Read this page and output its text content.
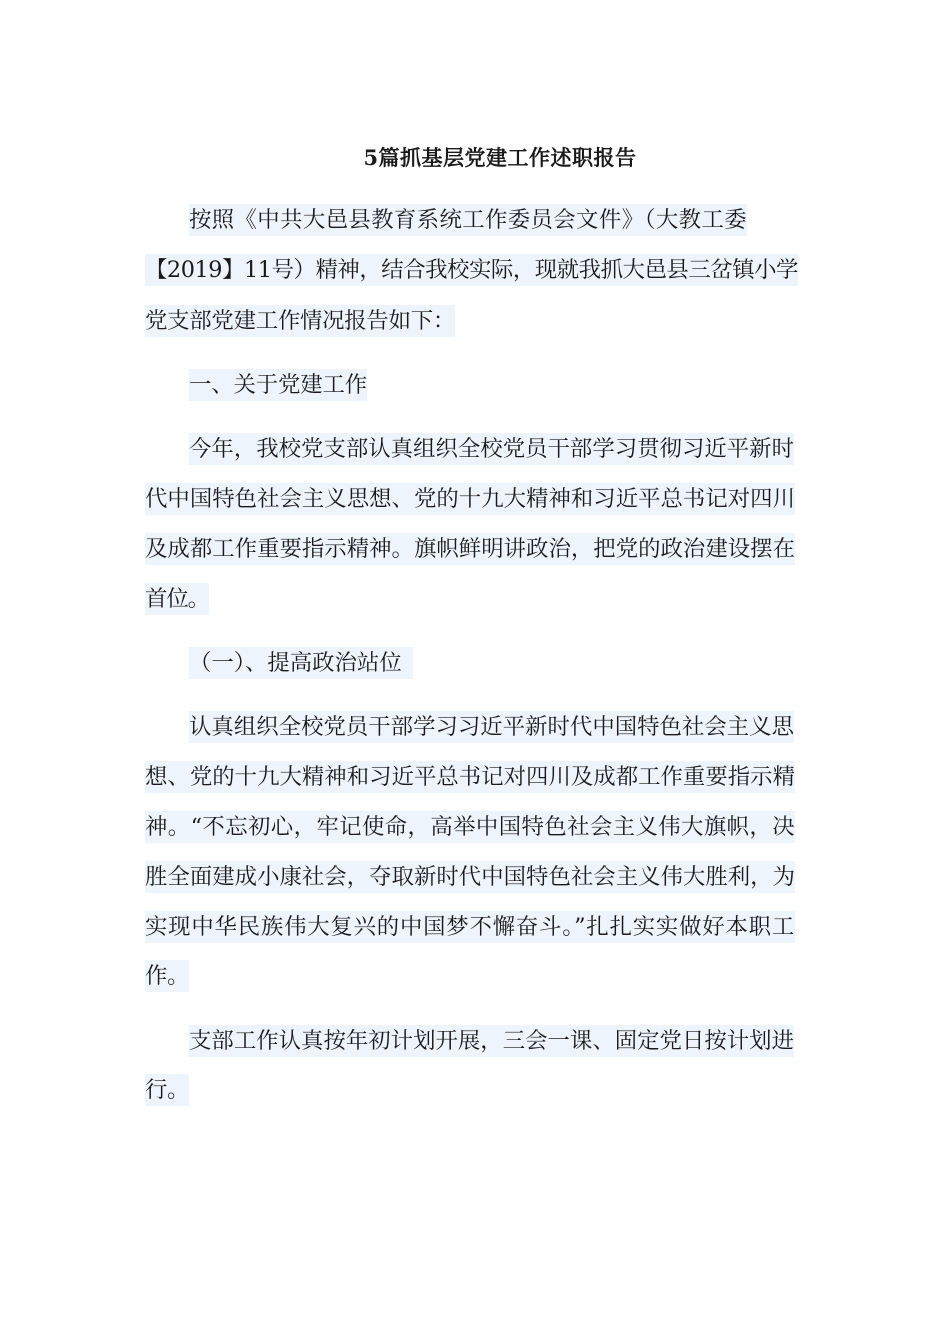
5篇抓基层党建工作述职报告
按照《中共大邑县教育系统工作委员会文件》（大教工委
【2019】11号）精神，结合我校实际，现就我抓大邑县三岔镇小学
党支部党建工作情况报告如下：
一、关于党建工作
今年，我校党支部认真组织全校党员干部学习贯彻习近平新时
代中国特色社会主义思想、党的十九大精神和习近平总书记对四川
及成都工作重要指示精神。旗帜鲜明讲政治，把党的政治建设摆在
首位。
（一）、提高政治站位
认真组织全校党员干部学习习近平新时代中国特色社会主义思
想、党的十九大精神和习近平总书记对四川及成都工作重要指示精
神。“不忘初心，牢记使命，高举中国特色社会主义伟大旗帜，决
胜全面建成小康社会，夺取新时代中国特色社会主义伟大胜利，为
实现中华民族伟大复兴的中国梦不懈奋斗。”扎扎实实做好本职工
作。
支部工作认真按年初计划开展，三会一课、固定党日按计划进
行。
